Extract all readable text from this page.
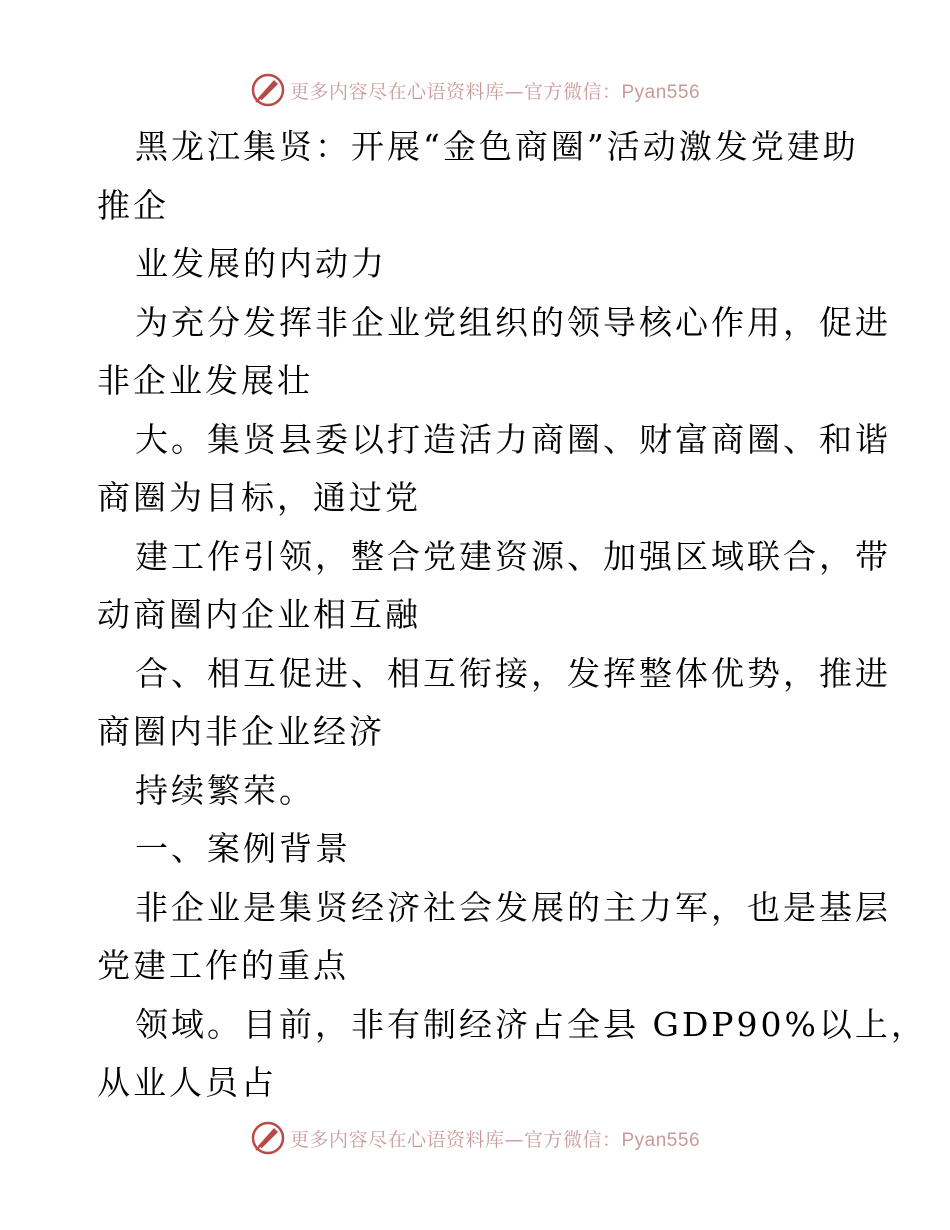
更多内容尽在心语资料库—官方微信：Pyan556

黑龙江集贤：开展“金色商圈”活动激发党建助

推企

业发展的内动力

为充分发挥非企业党组织的领导核心作用，促进

非企业发展壮

大。集贤县委以打造活力商圈、财富商圈、和谐

商圈为目标，通过党

建工作引领，整合党建资源、加强区域联合，带

动商圈内企业相互融

合、相互促进、相互衔接，发挥整体优势，推进

商圈内非企业经济

持续繁荣。

一、案例背景

非企业是集贤经济社会发展的主力军，也是基层

党建工作的重点

领域。目前，非有制经济占全县 GDP90%以上，

从业人员占

更多内容尽在心语资料库—官方微信：Pyan556
